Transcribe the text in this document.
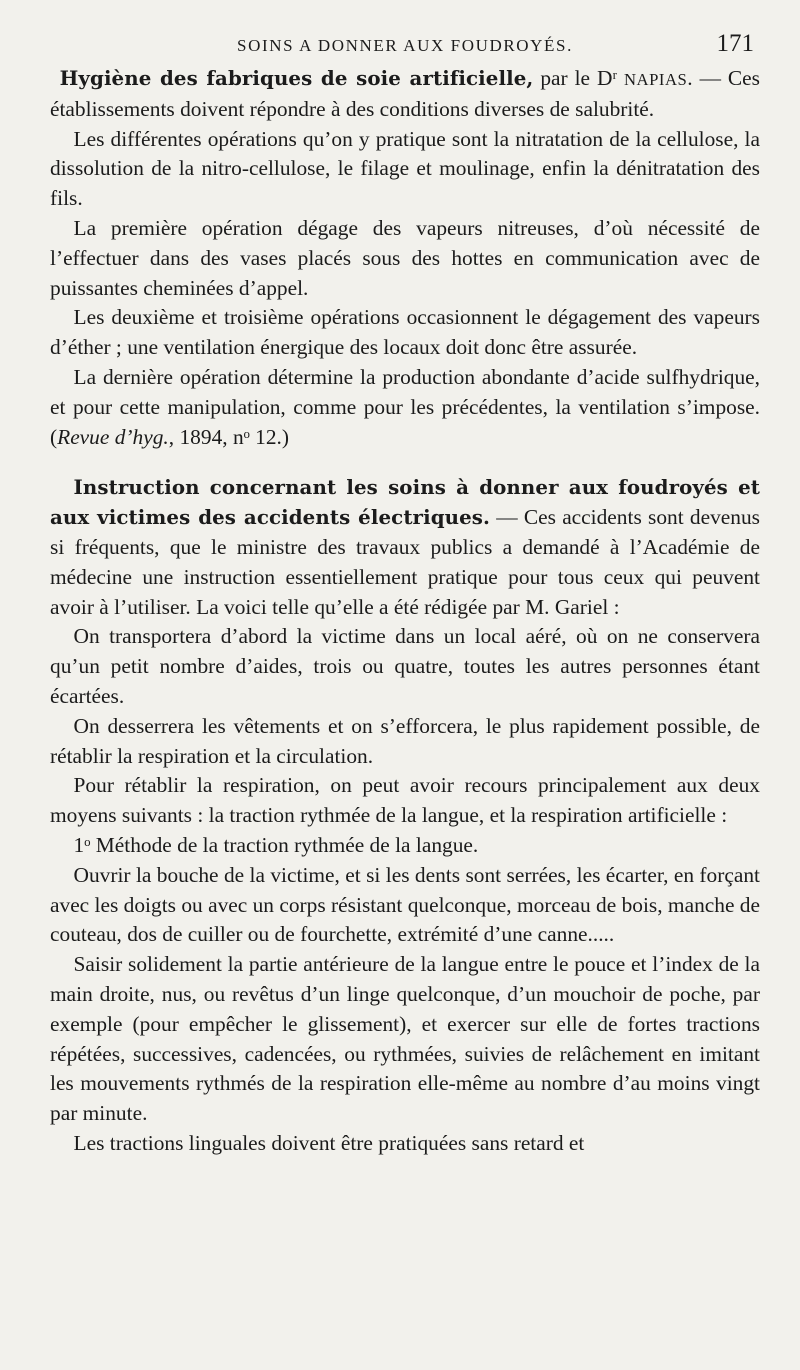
SOINS A DONNER AUX FOUDROYÉS.	171

Hygiène des fabriques de soie artificielle, par le Dʳ NAPIAS. — Ces établissements doivent répondre à des conditions diverses de salubrité.

Les différentes opérations qu’on y pratique sont la nitratation de la cellulose, la dissolution de la nitro-cellulose, le filage et moulinage, enfin la dénitratation des fils.

La première opération dégage des vapeurs nitreuses, d’où nécessité de l’effectuer dans des vases placés sous des hottes en communication avec de puissantes cheminées d’appel.

Les deuxième et troisième opérations occasionnent le dégagement des vapeurs d’éther ; une ventilation énergique des locaux doit donc être assurée.

La dernière opération détermine la production abondante d’acide sulfhydrique, et pour cette manipulation, comme pour les précédentes, la ventilation s’impose. (Revue d’hyg., 1894, nᵒ 12.)

Instruction concernant les soins à donner aux foudroyés et aux victimes des accidents électriques. — Ces accidents sont devenus si fréquents, que le ministre des travaux publics a demandé à l’Académie de médecine une instruction essentiellement pratique pour tous ceux qui peuvent avoir à l’utiliser. La voici telle qu’elle a été rédigée par M. Gariel :

On transportera d’abord la victime dans un local aéré, où on ne conservera qu’un petit nombre d’aides, trois ou quatre, toutes les autres personnes étant écartées.

On desserrera les vêtements et on s’efforcera, le plus rapidement possible, de rétablir la respiration et la circulation.

Pour rétablir la respiration, on peut avoir recours principalement aux deux moyens suivants : la traction rythmée de la langue, et la respiration artificielle :

1ᵒ Méthode de la traction rythmée de la langue.

Ouvrir la bouche de la victime, et si les dents sont serrées, les écarter, en forçant avec les doigts ou avec un corps résistant quelconque, morceau de bois, manche de couteau, dos de cuiller ou de fourchette, extrémité d’une canne.....

Saisir solidement la partie antérieure de la langue entre le pouce et l’index de la main droite, nus, ou revêtus d’un linge quelconque, d’un mouchoir de poche, par exemple (pour empêcher le glissement), et exercer sur elle de fortes tractions répétées, successives, cadencées, ou rythmées, suivies de relâchement en imitant les mouvements rythmés de la respiration elle-même au nombre d’au moins vingt par minute.

Les tractions linguales doivent être pratiquées sans retard et
